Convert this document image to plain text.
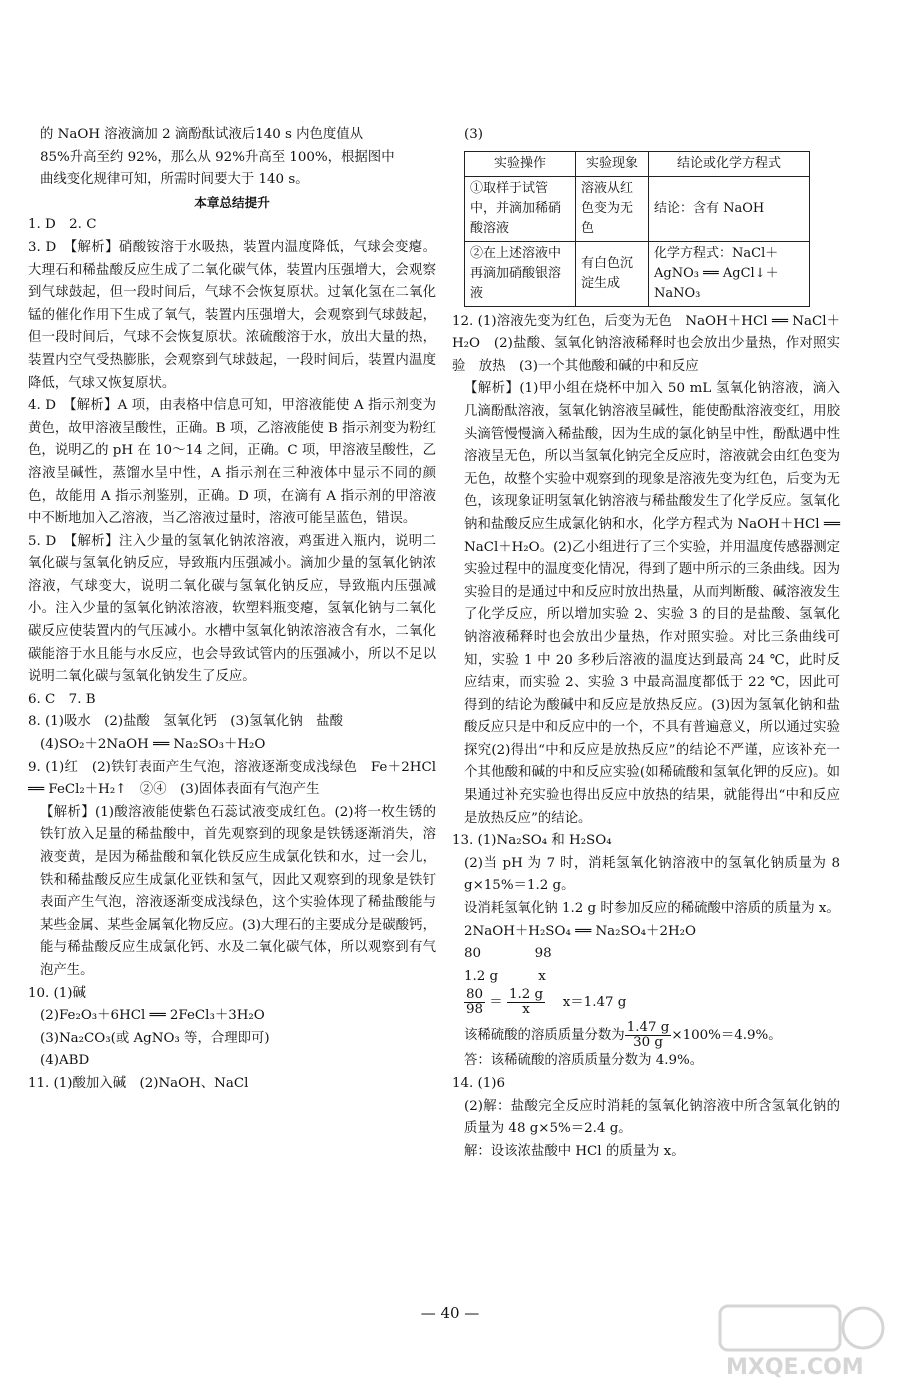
的 NaOH 溶液滴加 2 滴酚酞试液后140 s 内色度值从

85%升高至约 92%，那么从 92%升高至 100%，根据图中

曲线变化规律可知，所需时间要大于 140 s。

本章总结提升

1. D　2. C

3. D　【解析】硝酸铵溶于水吸热，装置内温度降低，气球会变瘪。大理石和稀盐酸反应生成了二氧化碳气体，装置内压强增大，会观察到气球鼓起，但一段时间后，气球不会恢复原状。过氧化氢在二氧化锰的催化作用下生成了氧气，装置内压强增大，会观察到气球鼓起，但一段时间后，气球不会恢复原状。浓硫酸溶于水，放出大量的热，装置内空气受热膨胀，会观察到气球鼓起，一段时间后，装置内温度降低，气球又恢复原状。

4. D　【解析】A 项，由表格中信息可知，甲溶液能使 A 指示剂变为黄色，故甲溶液呈酸性，正确。B 项，乙溶液能使 B 指示剂变为粉红色，说明乙的 pH 在 10～14 之间，正确。C 项，甲溶液呈酸性，乙溶液呈碱性，蒸馏水呈中性，A 指示剂在三种液体中显示不同的颜色，故能用 A 指示剂鉴别，正确。D 项，在滴有 A 指示剂的甲溶液中不断地加入乙溶液，当乙溶液过量时，溶液可能呈蓝色，错误。

5. D　【解析】注入少量的氢氧化钠浓溶液，鸡蛋进入瓶内，说明二氧化碳与氢氧化钠反应，导致瓶内压强减小。滴加少量的氢氧化钠浓溶液，气球变大，说明二氧化碳与氢氧化钠反应，导致瓶内压强减小。注入少量的氢氧化钠浓溶液，软塑料瓶变瘪，氢氧化钠与二氧化碳反应使装置内的气压减小。水槽中氢氧化钠浓溶液含有水，二氧化碳能溶于水且能与水反应，也会导致试管内的压强减小，所以不足以说明二氧化碳与氢氧化钠发生了反应。

6. C　7. B

8. (1)吸水　(2)盐酸　氢氧化钙　(3)氢氧化钠　盐酸

(4)SO₂＋2NaOH ══ Na₂SO₃＋H₂O

9. (1)红　(2)铁钉表面产生气泡，溶液逐渐变成浅绿色　Fe＋2HCl ══ FeCl₂＋H₂↑　②④　(3)固体表面有气泡产生

【解析】(1)酸溶液能使紫色石蕊试液变成红色。(2)将一枚生锈的铁钉放入足量的稀盐酸中，首先观察到的现象是铁锈逐渐消失，溶液变黄，是因为稀盐酸和氧化铁反应生成氯化铁和水，过一会儿，铁和稀盐酸反应生成氯化亚铁和氢气，因此又观察到的现象是铁钉表面产生气泡，溶液逐渐变成浅绿色，这个实验体现了稀盐酸能与某些金属、某些金属氧化物反应。(3)大理石的主要成分是碳酸钙，能与稀盐酸反应生成氯化钙、水及二氧化碳气体，所以观察到有气泡产生。

10. (1)碱

(2)Fe₂O₃＋6HCl ══ 2FeCl₃＋3H₂O

(3)Na₂CO₃(或 AgNO₃ 等，合理即可)

(4)ABD

11. (1)酸加入碱　(2)NaOH、NaCl

(3)

实验操作	实验现象	结论或化学方程式
①取样于试管中，并滴加稀硝酸溶液	溶液从红色变为无色	结论：含有 NaOH
②在上述溶液中再滴加硝酸银溶液	有白色沉淀生成	化学方程式：NaCl＋AgNO₃ ══ AgCl↓＋NaNO₃

12. (1)溶液先变为红色，后变为无色　NaOH＋HCl ══ NaCl＋H₂O　(2)盐酸、氢氧化钠溶液稀释时也会放出少量热，作对照实验　放热　(3)一个其他酸和碱的中和反应

【解析】(1)甲小组在烧杯中加入 50 mL 氢氧化钠溶液，滴入几滴酚酞溶液，氢氧化钠溶液呈碱性，能使酚酞溶液变红，用胶头滴管慢慢滴入稀盐酸，因为生成的氯化钠呈中性，酚酞遇中性溶液呈无色，所以当氢氧化钠完全反应时，溶液就会由红色变为无色，故整个实验中观察到的现象是溶液先变为红色，后变为无色，该现象证明氢氧化钠溶液与稀盐酸发生了化学反应。氢氧化钠和盐酸反应生成氯化钠和水，化学方程式为 NaOH＋HCl ══ NaCl＋H₂O。(2)乙小组进行了三个实验，并用温度传感器测定实验过程中的温度变化情况，得到了题中所示的三条曲线。因为实验目的是通过中和反应时放出热量，从而判断酸、碱溶液发生了化学反应，所以增加实验 2、实验 3 的目的是盐酸、氢氧化钠溶液稀释时也会放出少量热，作对照实验。对比三条曲线可知，实验 1 中 20 多秒后溶液的温度达到最高 24 ℃，此时反应结束，而实验 2、实验 3 中最高温度都低于 22 ℃，因此可得到的结论为酸碱中和反应是放热反应。(3)因为氢氧化钠和盐酸反应只是中和反应中的一个，不具有普遍意义，所以通过实验探究(2)得出“中和反应是放热反应”的结论不严谨，应该补充一个其他酸和碱的中和反应实验(如稀硫酸和氢氧化钾的反应)。如果通过补充实验也得出反应中放热的结果，就能得出“中和反应是放热反应”的结论。

13. (1)Na₂SO₄ 和 H₂SO₄

(2)当 pH 为 7 时，消耗氢氧化钠溶液中的氢氧化钠质量为 8 g×15%＝1.2 g。

设消耗氢氧化钠 1.2 g 时参加反应的稀硫酸中溶质的质量为 x。

2NaOH＋H₂SO₄ ══ Na₂SO₄＋2H₂O

80　　　　98

1.2 g　　　x

$\frac{80}{98} = \frac{1.2 g}{x}$
　 x＝1.47 g

该稀硫酸的溶质质量分数为 $\frac{1.47 g}{30 g} \times 100\%=4.9\%$。

答：该稀硫酸的溶质质量分数为 4.9%。

14. (1)6

(2)解：盐酸完全反应时消耗的氢氧化钠溶液中所含氢氧化钠的质量为 48 g×5%＝2.4 g。

解：设该浓盐酸中 HCl 的质量为 x。

— 40 —
MXQE.COM
